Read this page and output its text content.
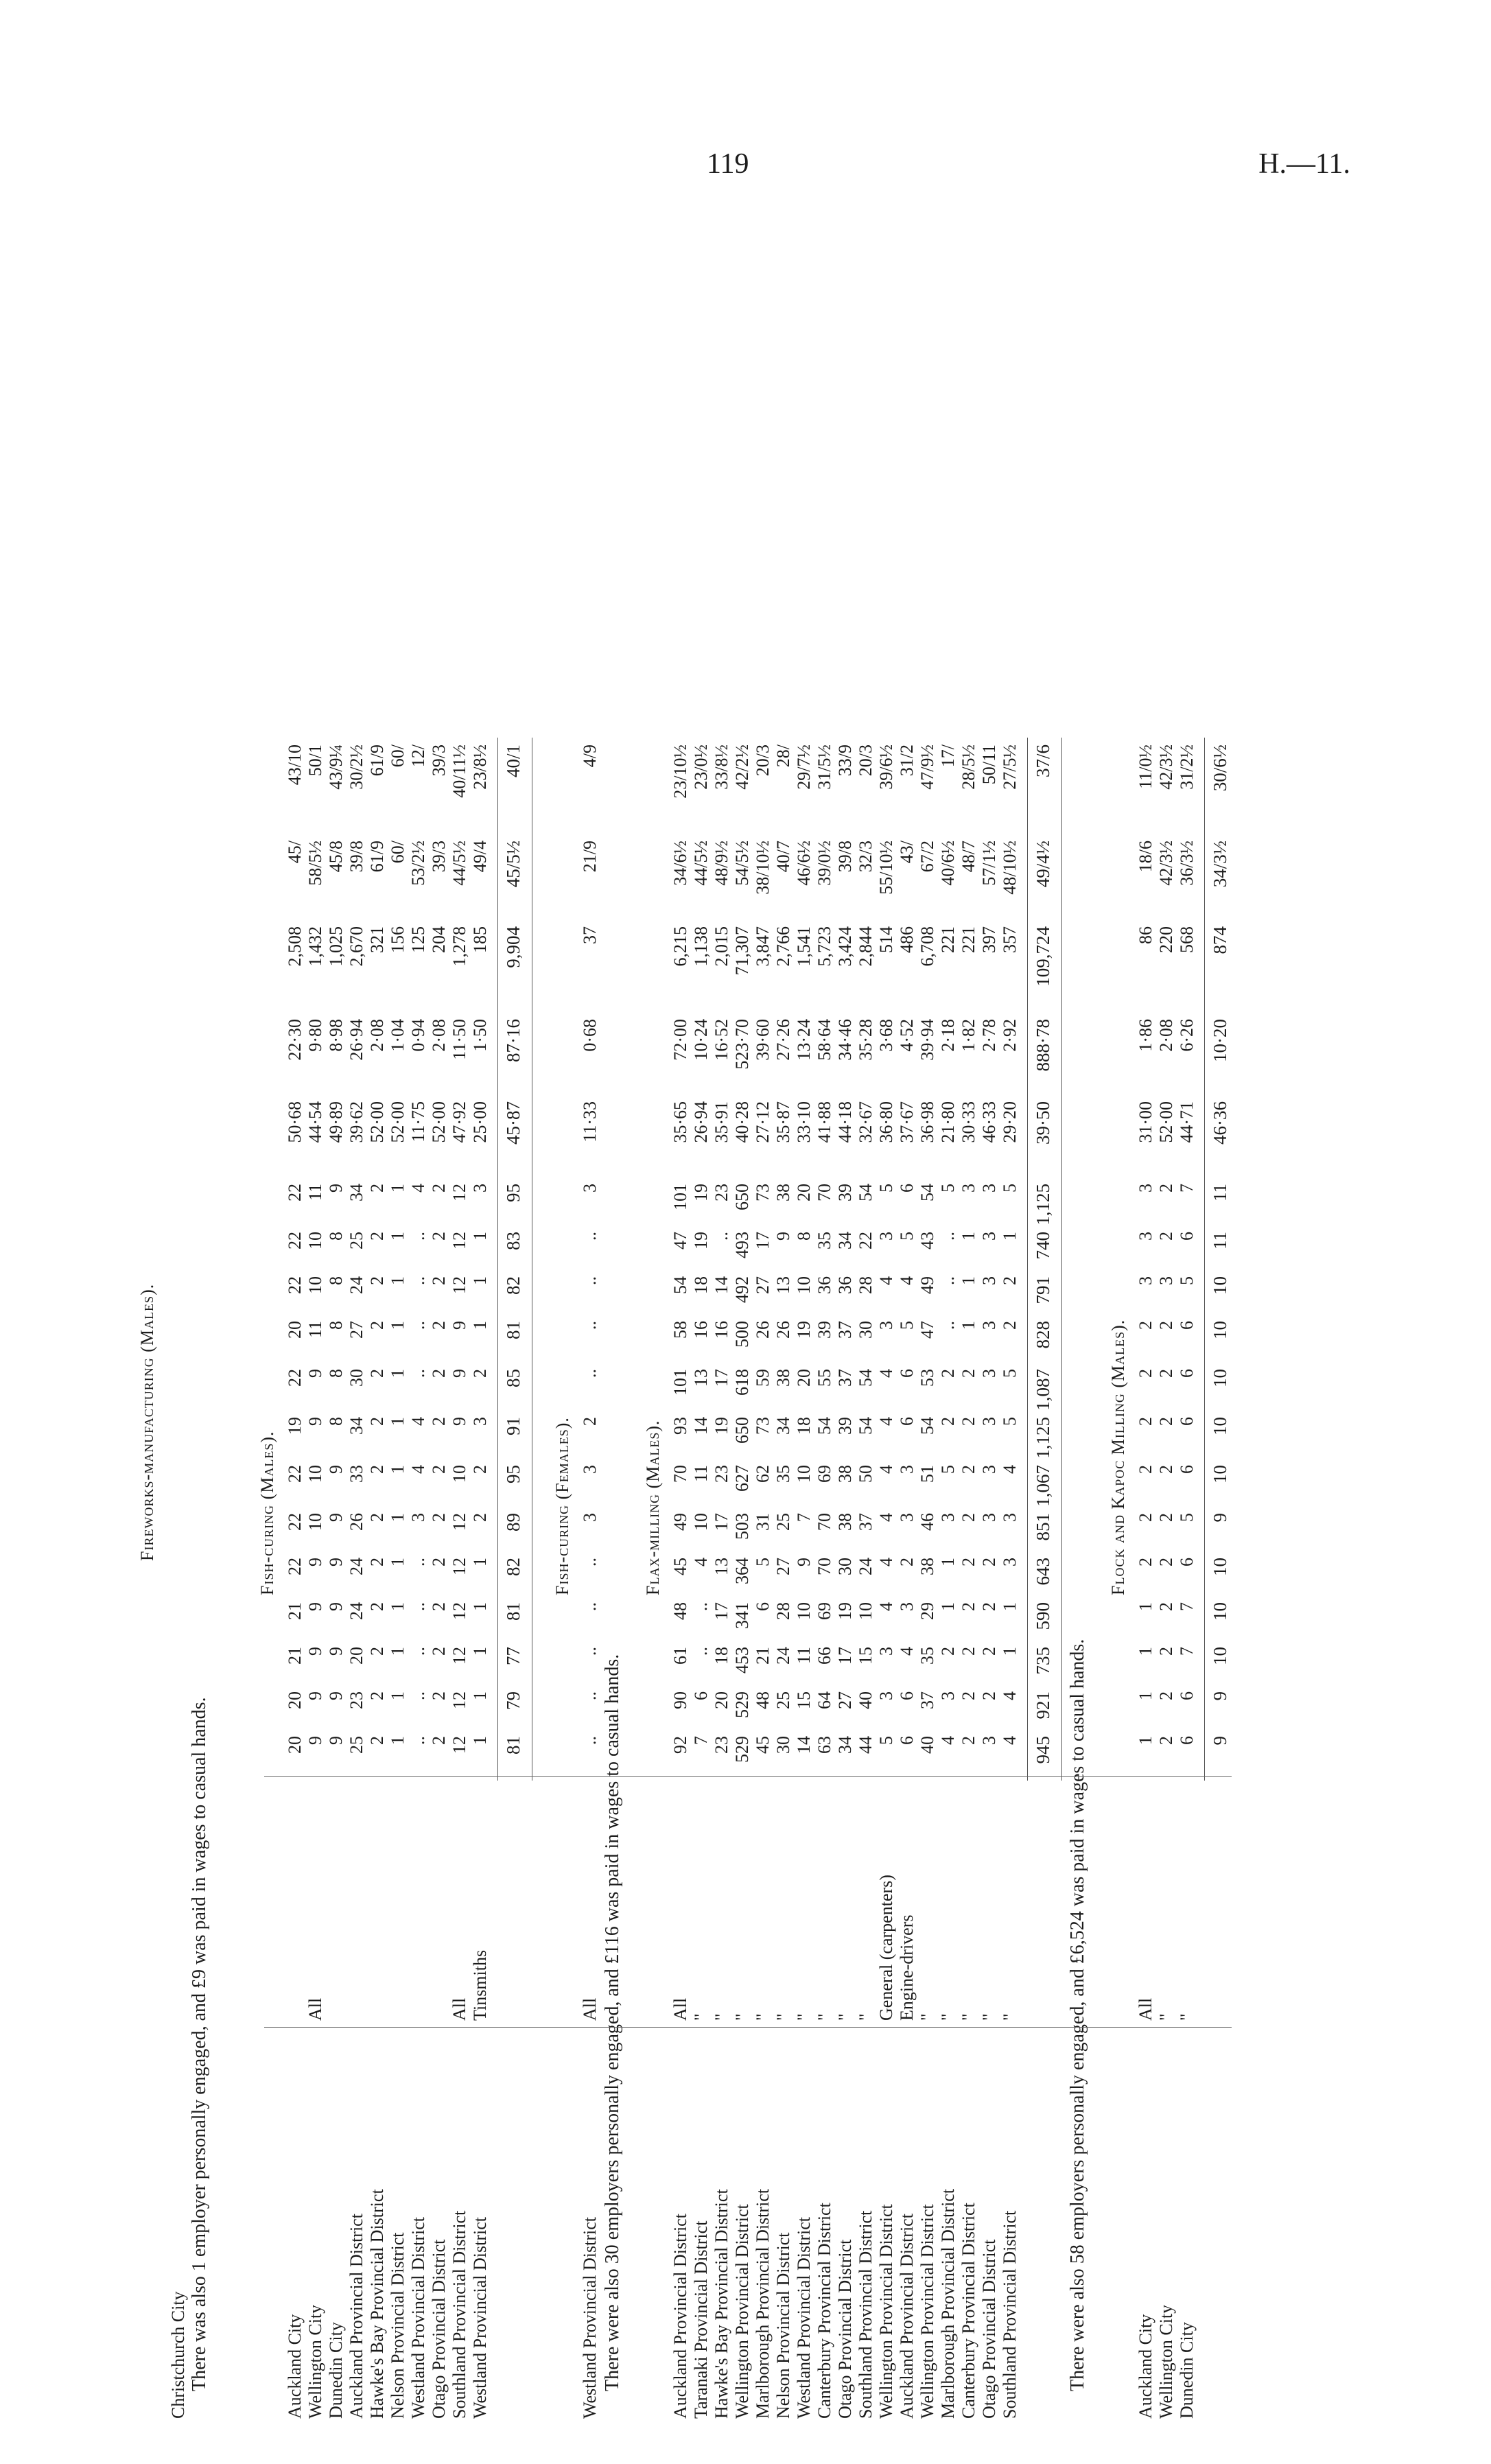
119	H.—11.
Christchurch City
Fireworks-manufacturing (Males).
There was also 1 employer personally engaged, and £9 was paid in wages to casual hands.
Fish-curing (Males).
Auckland City
20
20
21
21
22
22
22
19
22
20
22
22
22
50·68
22·30
2,508
45/
43/10
Wellington City
All
9
9
9
9
9
10
10
9
9
11
10
10
11
44·54
9·80
1,432
58/5½
50/1
Dunedin City
9
9
9
9
9
9
9
8
8
8
8
8
9
49·89
8·98
1,025
45/8
43/9¼
Auckland Provincial District
25
23
20
24
24
26
33
34
30
27
24
25
34
39·62
26·94
2,670
39/8
30/2½
Hawke's Bay Provincial District
2
2
2
2
2
2
2
2
2
2
2
2
2
52·00
2·08
321
61/9
61/9
Nelson Provincial District
1
1
1
1
1
1
1
1
1
1
1
1
1
52·00
1·04
156
60/
60/
Westland Provincial District
..
..
..
..
..
3
4
4
..
..
..
..
4
11·75
0·94
125
53/2½
12/
Otago Provincial District
2
2
2
2
2
2
2
2
2
2
2
2
2
52·00
2·08
204
39/3
39/3
Southland Provincial District
All
12
12
12
12
12
12
10
9
9
9
12
12
12
47·92
11·50
1,278
44/5½
40/11½
Westland Provincial District
Tinsmiths
1
1
1
1
1
2
2
3
2
1
1
1
3
25·00
1·50
185
49/4
23/8½
81
79
77
81
82
89
95
91
85
81
82
83
95
45·87
87·16
9,904
45/5½
40/1
Fish-curing (Females).
Westland Provincial District
All
..
..
..
..
..
3
3
2
..
..
..
..
3
11·33
0·68
37
21/9
4/9
There were also 30 employers personally engaged, and £116 was paid in wages to casual hands.
Flax-milling (Males).
Auckland Provincial District
All
92
90
61
48
45
49
70
93
101
58
54
47
101
35·65
72·00
6,215
34/6½
23/10½
Taranaki Provincial District
"
7
6
..
..
4
10
11
14
13
16
18
19
19
26·94
10·24
1,138
44/5½
23/0½
Hawke's Bay Provincial District
"
23
20
18
17
13
17
23
19
17
16
14
..
23
35·91
16·52
2,015
48/9½
33/8½
Wellington Provincial District
"
529
529
453
341
364
503
627
650
618
500
492
493
650
40·28
523·70
71,307
54/5½
42/2½
Marlborough Provincial District
"
45
48
21
6
5
31
62
73
59
26
27
17
73
27·12
39·60
3,847
38/10½
20/3
Nelson Provincial District
"
30
25
24
28
27
25
35
34
38
26
13
9
38
35·87
27·26
2,766
40/7
28/
Westland Provincial District
"
14
15
11
10
9
7
10
18
20
19
10
8
20
33·10
13·24
1,541
46/6½
29/7½
Canterbury Provincial District
"
63
64
66
69
70
70
69
54
55
39
36
35
70
41·88
58·64
5,723
39/0½
31/5½
Otago Provincial District
"
34
27
17
19
30
38
38
39
37
37
36
34
39
44·18
34·46
3,424
39/8
33/9
Southland Provincial District
"
44
40
15
10
24
37
50
54
54
30
28
22
54
32·67
35·28
2,844
32/3
20/3
Wellington Provincial District
General (carpenters)
5
3
3
4
4
4
4
4
4
3
4
3
5
36·80
3·68
514
55/10½
39/6½
Auckland Provincial District
Engine-drivers
6
6
4
3
2
3
3
6
6
5
4
5
6
37·67
4·52
486
43/
31/2
Wellington Provincial District
"
40
37
35
29
38
46
51
54
53
47
49
43
54
36·98
39·94
6,708
67/2
47/9½
Marlborough Provincial District
"
4
3
2
1
1
3
5
2
2
..
..
..
5
21·80
2·18
221
40/6½
17/
Canterbury Provincial District
"
2
2
2
2
2
2
2
2
2
1
1
1
3
30·33
1·82
221
48/7
28/5½
Otago Provincial District
"
3
2
2
2
2
3
3
3
3
3
3
3
3
46·33
2·78
397
57/1½
50/11
Southland Provincial District
"
4
4
1
1
3
3
4
5
5
2
2
1
5
29·20
2·92
357
48/10½
27/5½
945
921
735
590
643
851
1,067
1,125
1,087
828
791
740
1,125
39·50
888·78
109,724
49/4½
37/6
There were also 58 employers personally engaged, and £6,524 was paid in wages to casual hands.
Flock and Kapoc Milling (Males).
Auckland City
All
1
1
1
1
2
2
2
2
2
2
3
3
3
31·00
1·86
86
18/6
11/0½
Wellington City
"
2
2
2
2
2
2
2
2
2
2
3
2
2
52·00
2·08
220
42/3½
42/3½
Dunedin City
"
6
6
7
7
6
5
6
6
6
6
5
6
7
44·71
6·26
568
36/3½
31/2½
9
9
10
10
10
9
10
10
10
10
10
11
11
46·36
10·20
874
34/3½
30/6½
